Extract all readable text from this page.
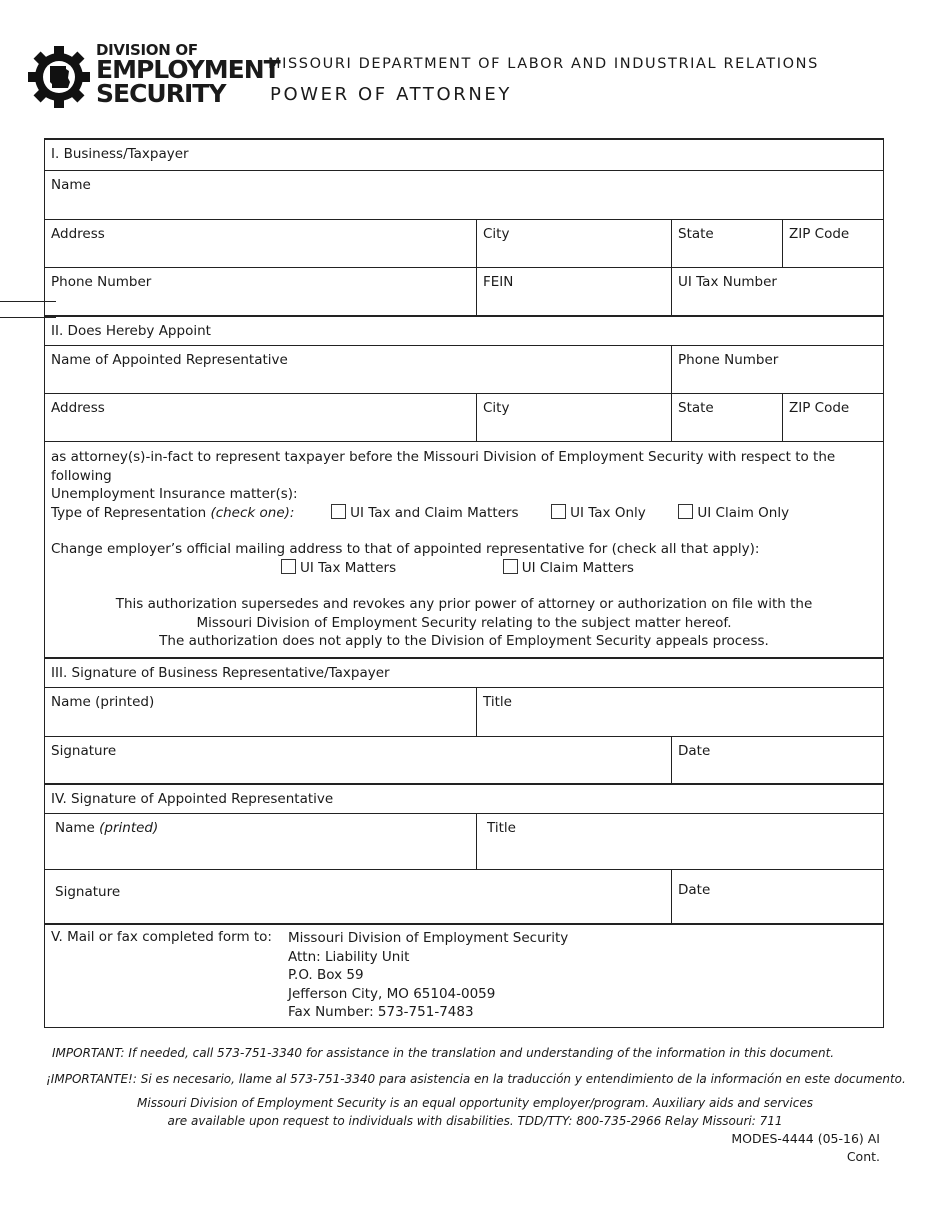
DIVISION OF
EMPLOYMENT
SECURITY
MISSOURI DEPARTMENT OF LABOR AND INDUSTRIAL RELATIONS
POWER OF ATTORNEY
I. Business/Taxpayer
Name
Address	City	State	ZIP Code
Phone Number	FEIN	UI Tax Number
II. Does Hereby Appoint
Name of Appointed Representative	Phone Number
Address	City	State	ZIP Code
as attorney(s)-in-fact to represent taxpayer before the Missouri Division of Employment Security with respect to the following
Unemployment Insurance matter(s):
Type of Representation (check one):	UI Tax and Claim Matters	UI Tax Only	UI Claim Only
Change employer’s official mailing address to that of appointed representative for (check all that apply):
UI Tax Matters	UI Claim Matters
This authorization supersedes and revokes any prior power of attorney or authorization on file with the
Missouri Division of Employment Security relating to the subject matter hereof.
The authorization does not apply to the Division of Employment Security appeals process.
III. Signature of Business Representative/Taxpayer
Name (printed)	Title
Signature	Date
IV. Signature of Appointed Representative
Name (printed)	Title
Signature	Date
V. Mail or fax completed form to: Missouri Division of Employment Security
Attn: Liability Unit
P.O. Box 59
Jefferson City, MO 65104-0059
Fax Number: 573-751-7483
IMPORTANT: If needed, call 573-751-3340 for assistance in the translation and understanding of the information in this document.
¡IMPORTANTE!: Si es necesario, llame al 573-751-3340 para asistencia en la traducción y entendimiento de la información en este documento.
Missouri Division of Employment Security is an equal opportunity employer/program. Auxiliary aids and services
are available upon request to individuals with disabilities. TDD/TTY: 800-735-2966 Relay Missouri: 711
MODES-4444 (05-16) AI
Cont.
